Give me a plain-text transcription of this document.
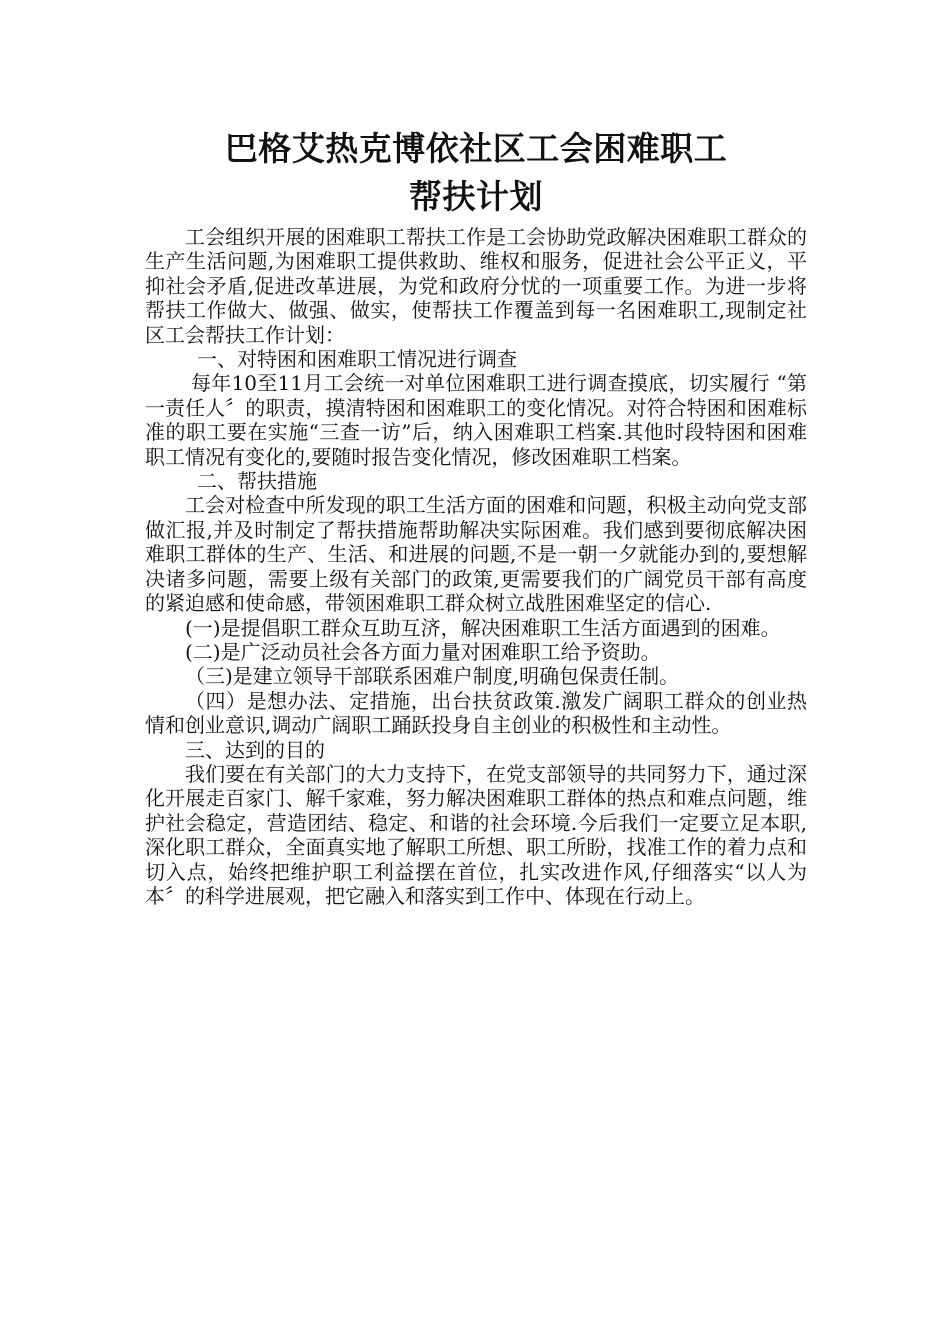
巴格艾热克博依社区工会困难职工
帮扶计划

工会组织开展的困难职工帮扶工作是工会协助党政解决困难职工群众的生产生活问题,为困难职工提供救助、维权和服务，促进社会公平正义，平抑社会矛盾,促进改革进展，为党和政府分忧的一项重要工作。为进一步将帮扶工作做大、做强、做实，使帮扶工作覆盖到每一名困难职工,现制定社区工会帮扶工作计划：

一、对特困和困难职工情况进行调查

每年10至11月工会统一对单位困难职工进行调查摸底，切实履行 “第一责任人〞的职责，摸清特困和困难职工的变化情况。对符合特困和困难标准的职工要在实施“三查一访”后，纳入困难职工档案.其他时段特困和困难职工情况有变化的,要随时报告变化情况，修改困难职工档案。

二、帮扶措施

工会对检查中所发现的职工生活方面的困难和问题，积极主动向党支部做汇报,并及时制定了帮扶措施帮助解决实际困难。我们感到要彻底解决困难职工群体的生产、生活、和进展的问题,不是一朝一夕就能办到的,要想解决诸多问题，需要上级有关部门的政策,更需要我们的广阔党员干部有高度的紧迫感和使命感，带领困难职工群众树立战胜困难坚定的信心.

(一)是提倡职工群众互助互济，解决困难职工生活方面遇到的困难。

(二)是广泛动员社会各方面力量对困难职工给予资助。

（三)是建立领导干部联系困难户制度,明确包保责任制。

（四）是想办法、定措施，出台扶贫政策.激发广阔职工群众的创业热情和创业意识,调动广阔职工踊跃投身自主创业的积极性和主动性。

三、达到的目的

我们要在有关部门的大力支持下，在党支部领导的共同努力下，通过深化开展走百家门、解千家难，努力解决困难职工群体的热点和难点问题，维护社会稳定，营造团结、稳定、和谐的社会环境.今后我们一定要立足本职,深化职工群众，全面真实地了解职工所想、职工所盼，找准工作的着力点和切入点，始终把维护职工利益摆在首位，扎实改进作风,仔细落实“以人为本〞的科学进展观，把它融入和落实到工作中、体现在行动上。
